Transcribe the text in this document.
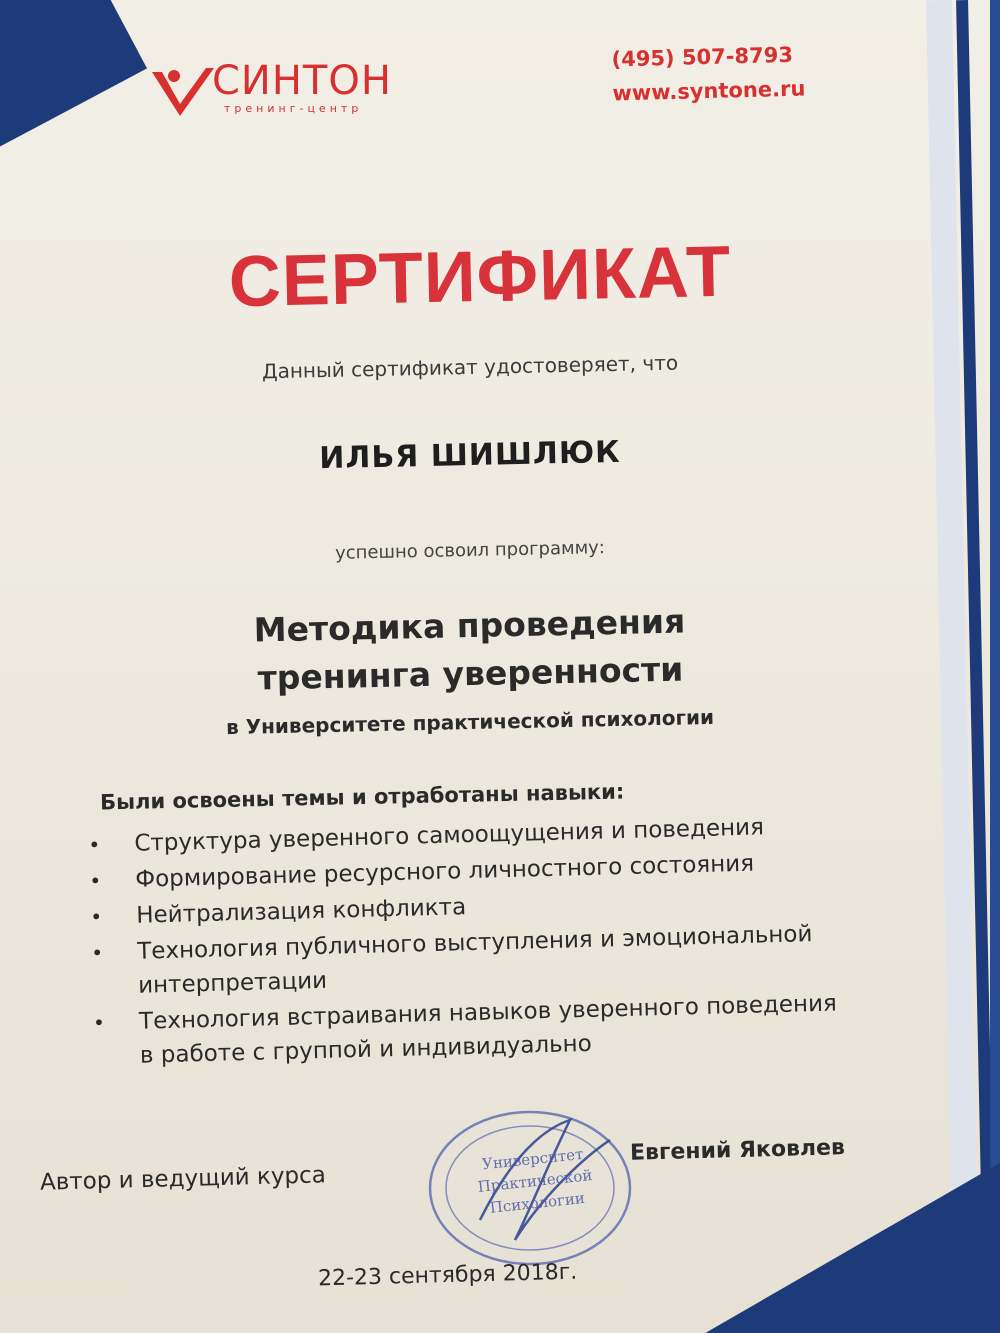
СИНТОН
тренинг-центр
(495) 507-8793
www.syntone.ru
СЕРТИФИКАТ
Данный сертификат удостоверяет, что
ИЛЬЯ ШИШЛЮК
успешно освоил программу:
Методика проведения
тренинга уверенности
в Университете практической психологии
Были освоены темы и отработаны навыки:
•	Структура уверенного самоощущения и поведения
•	Формирование ресурсного личностного состояния
•	Нейтрализация конфликта
•	Технология публичного выступления и эмоциональной интерпретации
•	Технология встраивания навыков уверенного поведения в работе с группой и индивидуально
Университет
Практической
Психологии
Автор и ведущий курса
Евгений Яковлев
22-23 сентября 2018г.
